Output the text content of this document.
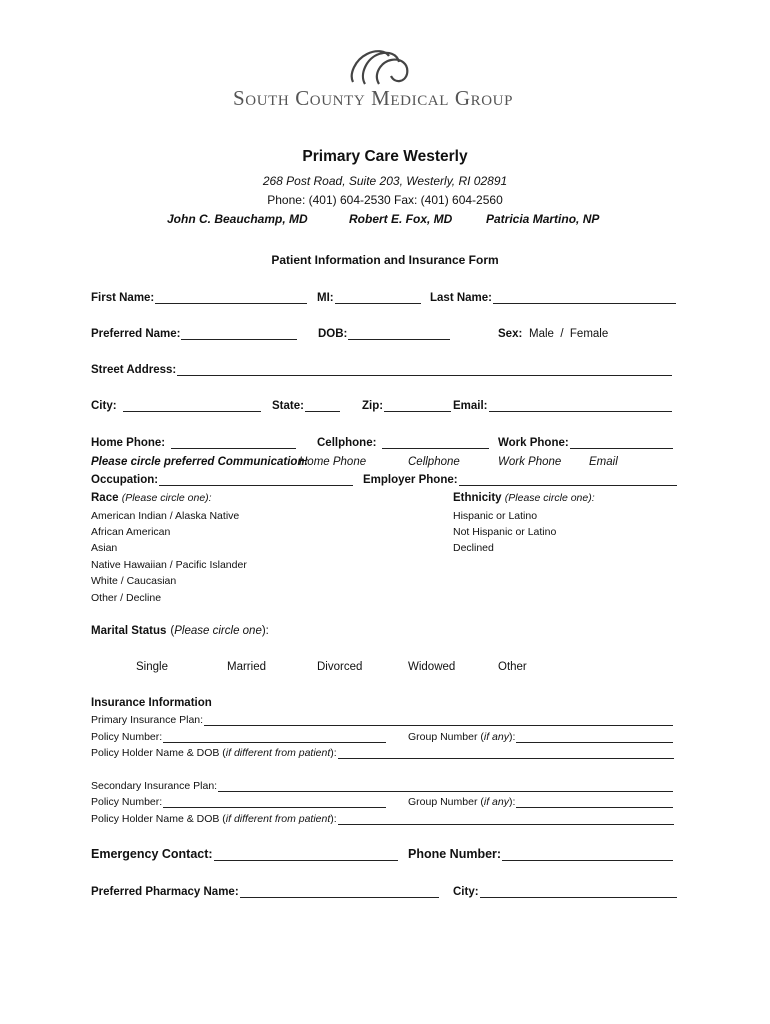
South County Medical Group
Primary Care Westerly
268 Post Road, Suite 203, Westerly, RI 02891
Phone: (401) 604-2530 Fax: (401) 604-2560
John C. Beauchamp, MD	Robert E. Fox, MD	Patricia Martino, NP
Patient Information and Insurance Form
First Name:	MI:	Last Name:
Preferred Name:	DOB:	Sex: Male  /  Female
Street Address:
City:	State:	Zip:	Email:
Home Phone:	Cellphone:	Work Phone:
Please circle preferred Communication:
Home Phone	Cellphone	Work Phone Email
Occupation:	Employer Phone:
Race (Please circle one):
American Indian / Alaska Native
African American
Asian
Native Hawaiian / Pacific Islander
White / Caucasian
Other / Decline
Ethnicity (Please circle one):
Hispanic or Latino
Not Hispanic or Latino
Declined
Marital Status (Please circle one):
Single	Married	Divorced	Widowed	Other
Insurance Information
Primary Insurance Plan:
Policy Number:	Group Number (if any):
Policy Holder Name & DOB (if different from patient):
Secondary Insurance Plan:
Policy Number:	Group Number (if any):
Policy Holder Name & DOB (if different from patient):
Emergency Contact:	Phone Number:
Preferred Pharmacy Name:	City:
